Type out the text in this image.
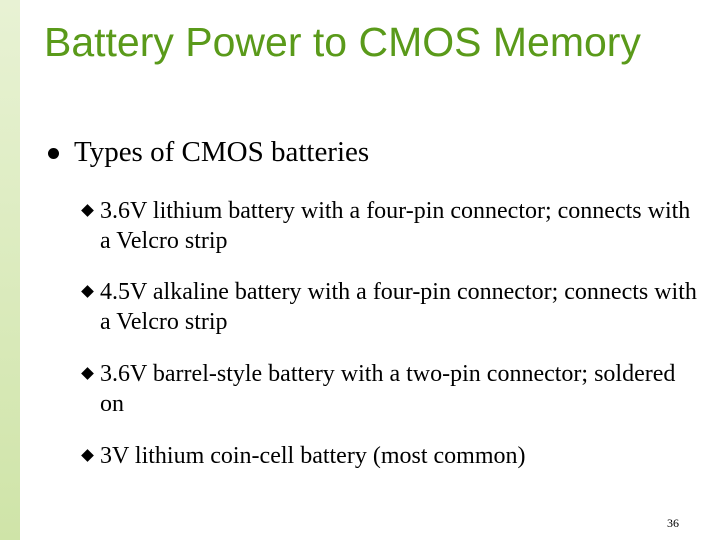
Battery Power to CMOS Memory
Types of CMOS batteries
3.6V lithium battery with a four-pin connector; connects with a Velcro strip
4.5V alkaline battery with a four-pin connector; connects with a Velcro strip
3.6V barrel-style battery with a two-pin connector; soldered on
3V lithium coin-cell battery (most common)
36
